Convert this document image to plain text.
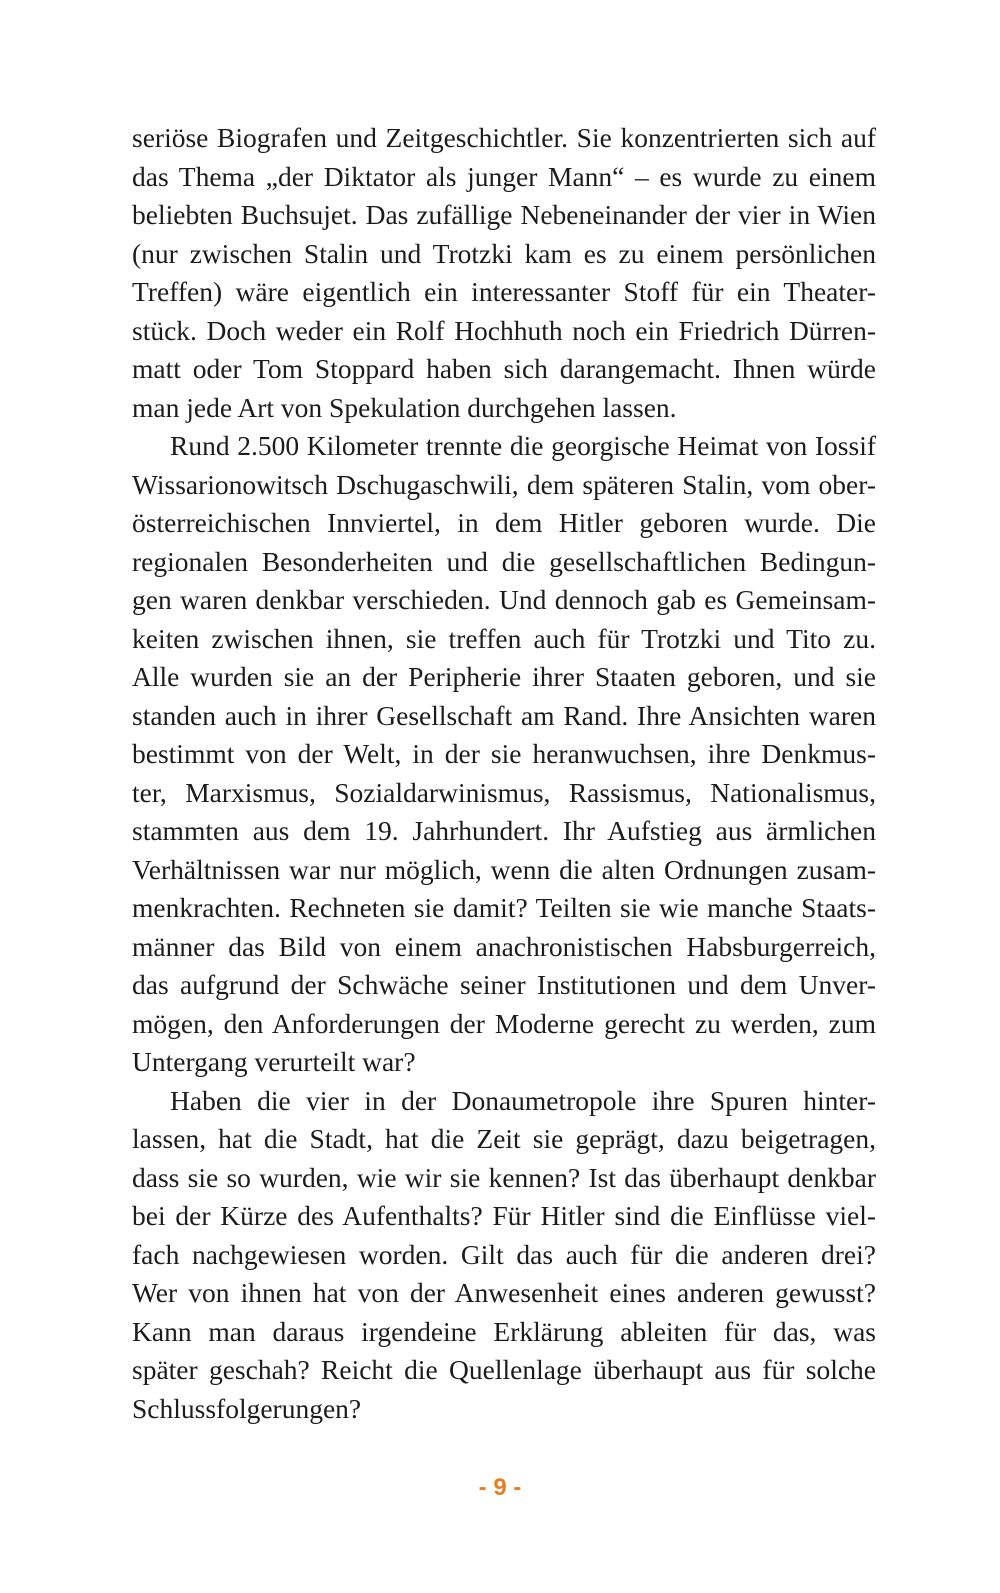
seriöse Biografen und Zeitgeschichtler. Sie konzentrierten sich auf
das Thema „der Diktator als junger Mann“ – es wurde zu einem
beliebten Buchsujet. Das zufällige Nebeneinander der vier in Wien
(nur zwischen Stalin und Trotzki kam es zu einem persönlichen
Treffen) wäre eigentlich ein interessanter Stoff für ein Theater-
stück. Doch weder ein Rolf Hochhuth noch ein Friedrich Dürren-
matt oder Tom Stoppard haben sich darangemacht. Ihnen würde
man jede Art von Spekulation durchgehen lassen.
Rund 2.500 Kilometer trennte die georgische Heimat von Iossif
Wissarionowitsch Dschugaschwili, dem späteren Stalin, vom ober-
österreichischen Innviertel, in dem Hitler geboren wurde. Die
regionalen Besonderheiten und die gesellschaftlichen Bedingun-
gen waren denkbar verschieden. Und dennoch gab es Gemeinsam-
keiten zwischen ihnen, sie treffen auch für Trotzki und Tito zu.
Alle wurden sie an der Peripherie ihrer Staaten geboren, und sie
standen auch in ihrer Gesellschaft am Rand. Ihre Ansichten waren
bestimmt von der Welt, in der sie heranwuchsen, ihre Denkmus-
ter, Marxismus, Sozialdarwinismus, Rassismus, Nationalismus,
stammten aus dem 19. Jahrhundert. Ihr Aufstieg aus ärmlichen
Verhältnissen war nur möglich, wenn die alten Ordnungen zusam-
menkrachten. Rechneten sie damit? Teilten sie wie manche Staats-
männer das Bild von einem anachronistischen Habsburgerreich,
das aufgrund der Schwäche seiner Institutionen und dem Unver-
mögen, den Anforderungen der Moderne gerecht zu werden, zum
Untergang verurteilt war?
Haben die vier in der Donaumetropole ihre Spuren hinter-
lassen, hat die Stadt, hat die Zeit sie geprägt, dazu beigetragen,
dass sie so wurden, wie wir sie kennen? Ist das überhaupt denkbar
bei der Kürze des Aufenthalts? Für Hitler sind die Einflüsse viel-
fach nachgewiesen worden. Gilt das auch für die anderen drei?
Wer von ihnen hat von der Anwesenheit eines anderen gewusst?
Kann man daraus irgendeine Erklärung ableiten für das, was
später geschah? Reicht die Quellenlage überhaupt aus für solche
Schlussfolgerungen?
- 9 -
